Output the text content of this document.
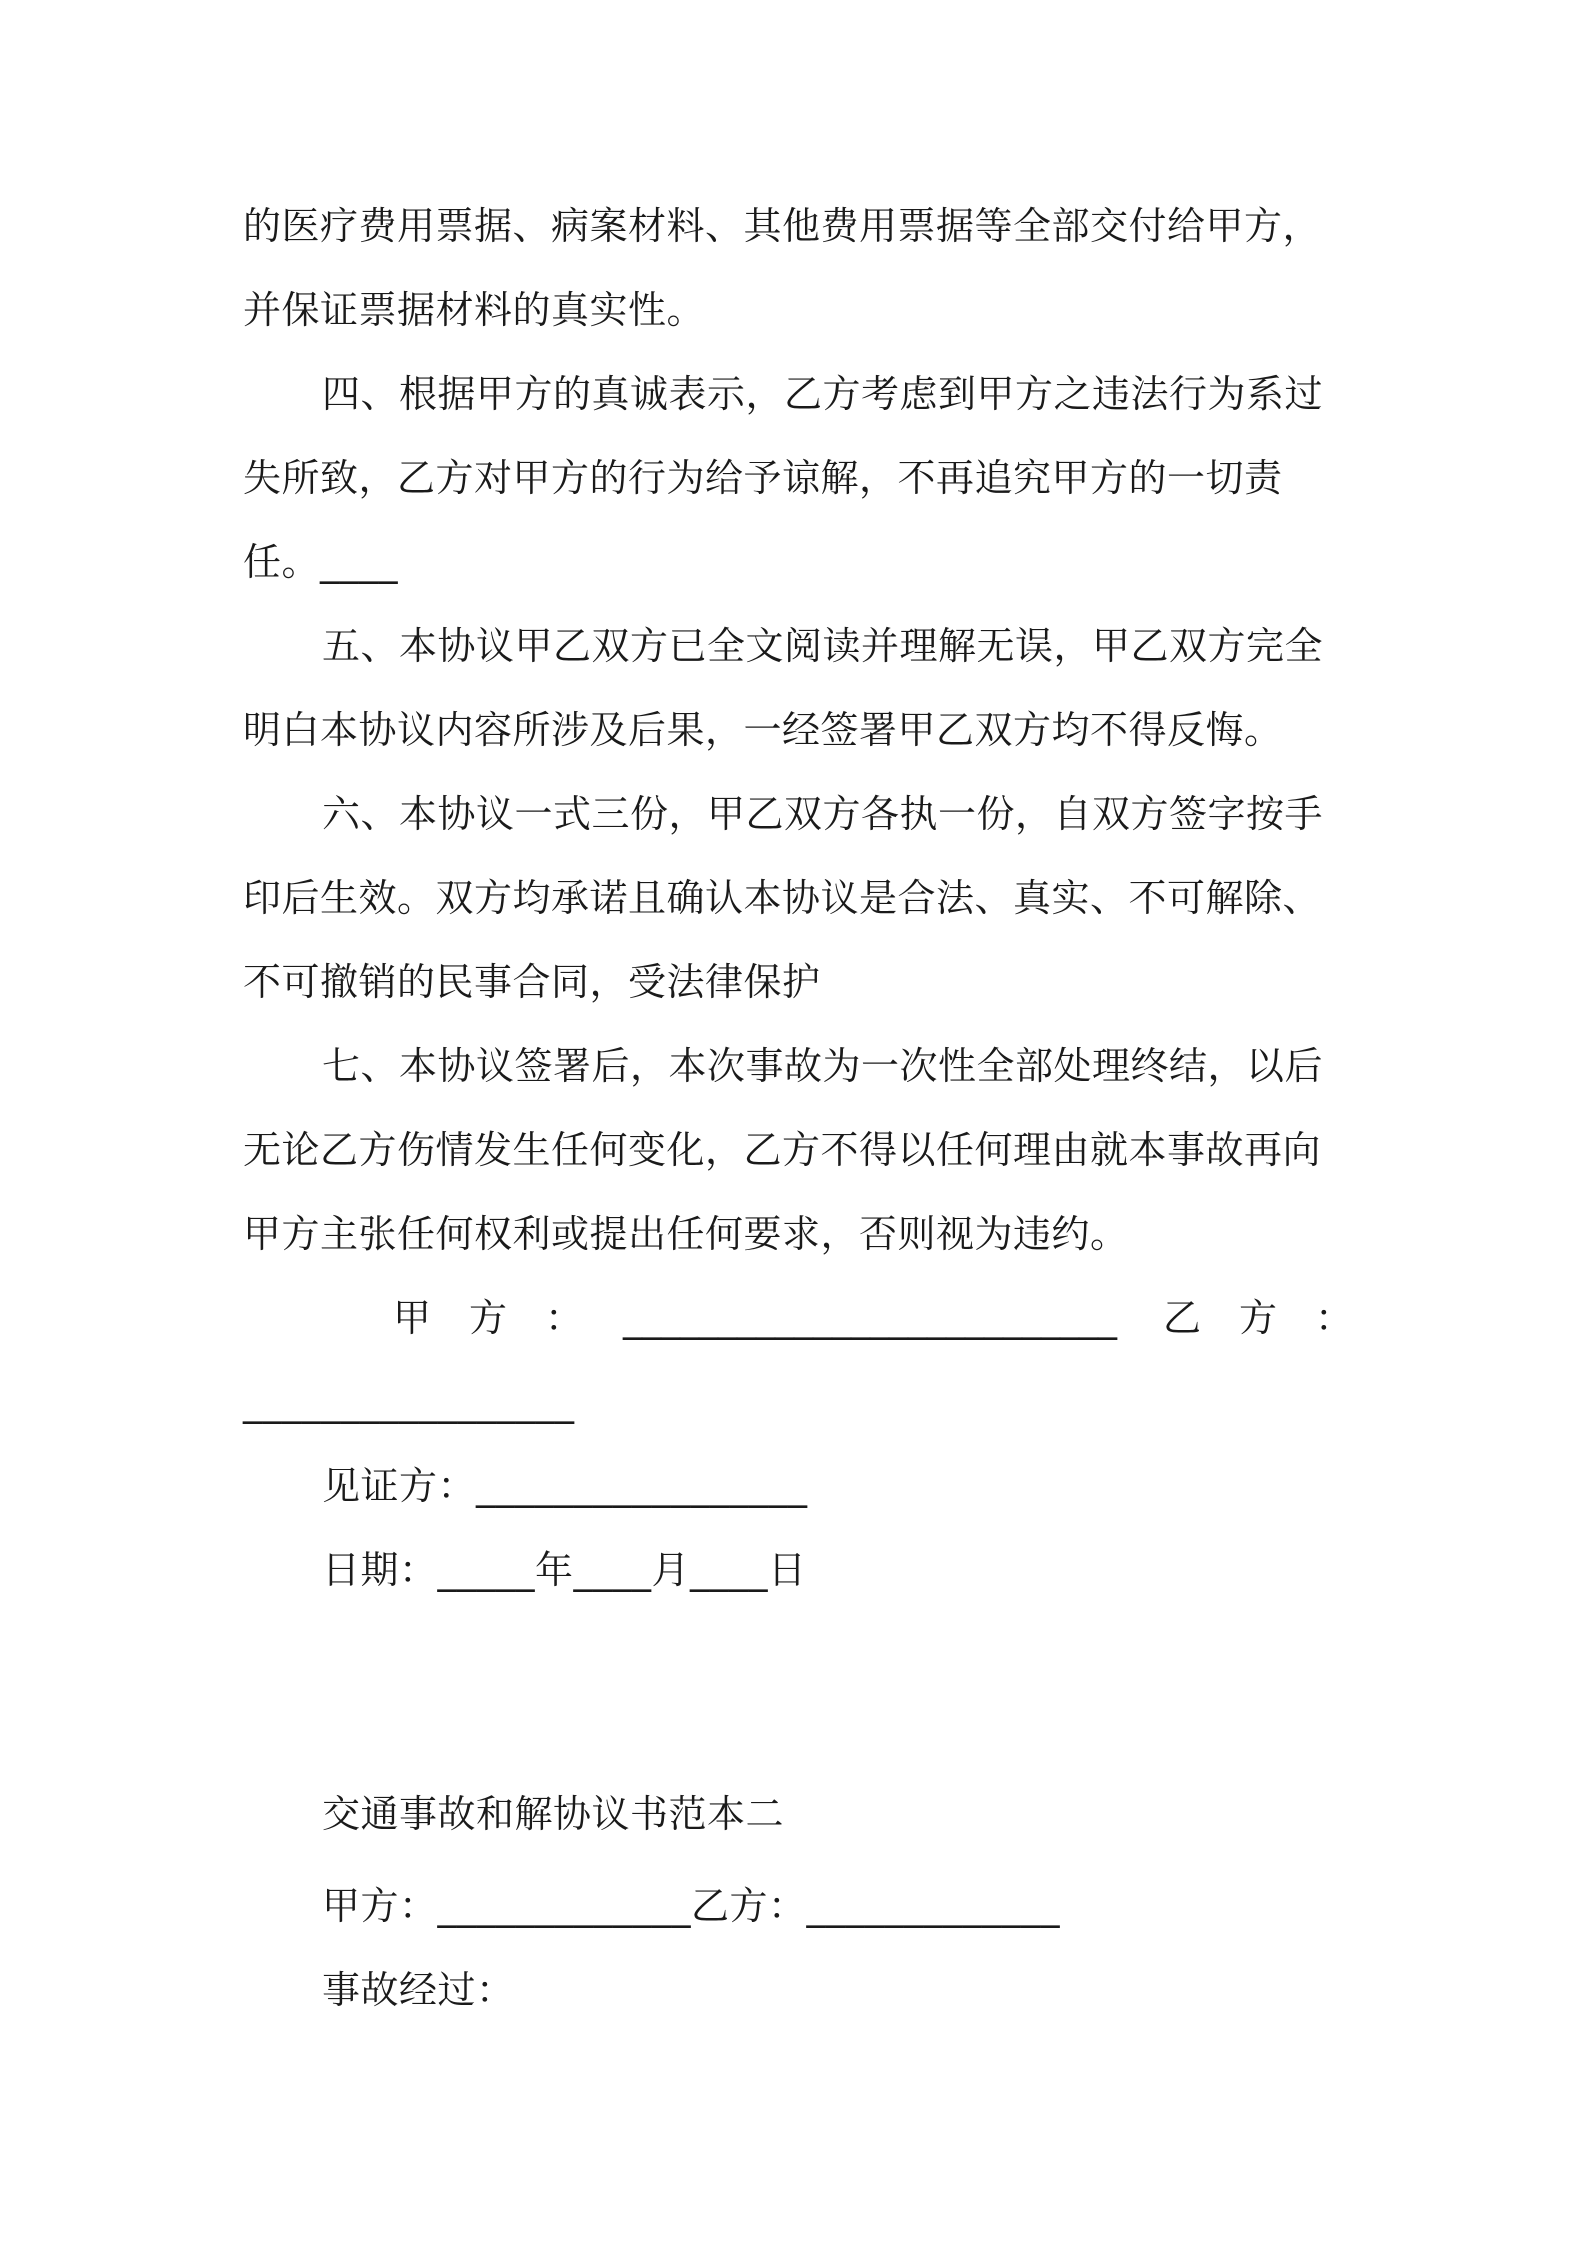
的医疗费用票据、病案材料、其他费用票据等全部交付给甲方，
并保证票据材料的真实性。
四、根据甲方的真诚表示，乙方考虑到甲方之违法行为系过
失所致，乙方对甲方的行为给予谅解，不再追究甲方的一切责
任。____
五、本协议甲乙双方已全文阅读并理解无误，甲乙双方完全
明白本协议内容所涉及后果，一经签署甲乙双方均不得反悔。
六、本协议一式三份，甲乙双方各执一份，自双方签字按手
印后生效。双方均承诺且确认本协议是合法、真实、不可解除、
不可撤销的民事合同，受法律保护
七、本协议签署后，本次事故为一次性全部处理终结，以后
无论乙方伤情发生任何变化，乙方不得以任何理由就本事故再向
甲方主张任何权利或提出任何要求，否则视为违约。
甲　方　： __________________________ 乙　方　：
_________________
见证方：_________________
日期：_____年____月____日
交通事故和解协议书范本二
甲方：_____________乙方：_____________
事故经过：
